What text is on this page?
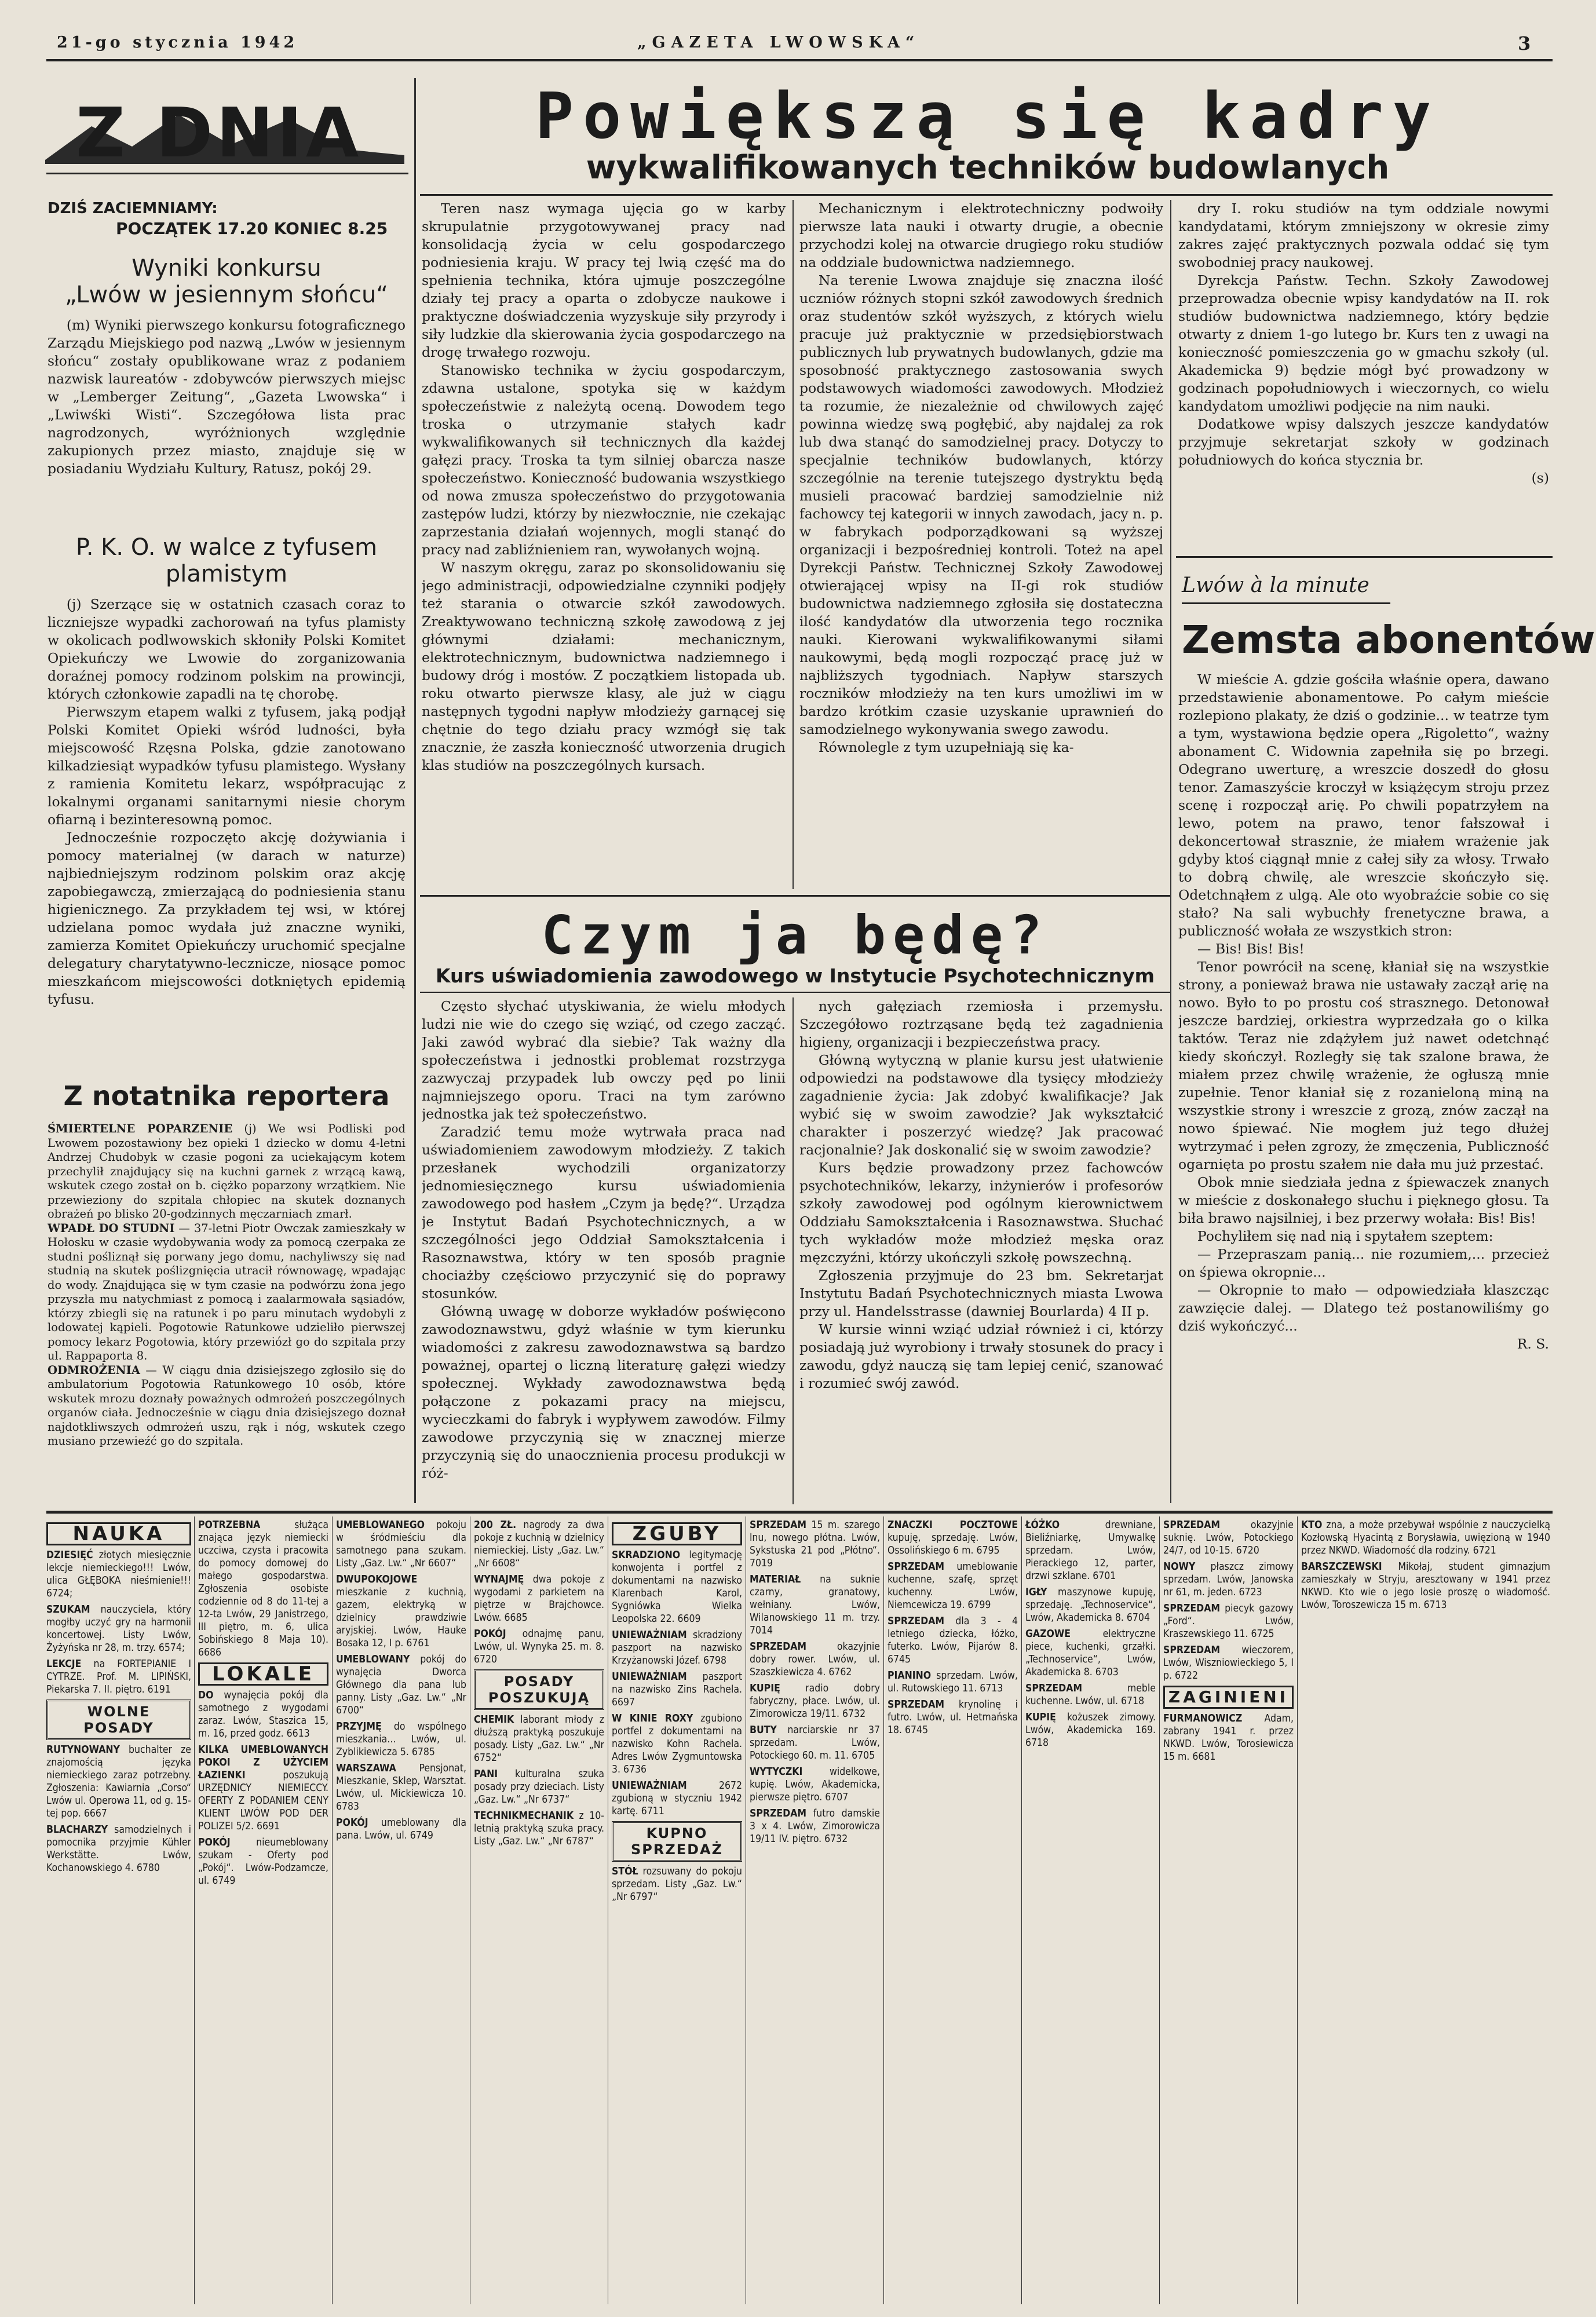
21-go stycznia 1942	„GAZETA LWOWSKA“	3
Z DNIA
DZIŚ ZACIEMNIAMY:
POCZĄTEK 17.20 KONIEC 8.25
Wyniki konkursu
„Lwów w jesiennym słońcu“

(m) Wyniki pierwszego konkursu fotograficznego Zarządu Miejskiego pod nazwą „Lwów w jesiennym słońcu“ zostały opublikowane wraz z podaniem nazwisk laureatów - zdobywców pierwszych miejsc w „Lemberger Zeitung“, „Gazeta Lwowska“ i „Lwiwśki Wisti“. Szczegółowa lista prac nagrodzonych, wyróżnionych względnie zakupionych przez miasto, znajduje się w posiadaniu Wydziału Kultury, Ratusz, pokój 29.

P. K. O. w walce z tyfusem
plamistym

(j) Szerzące się w ostatnich czasach coraz to liczniejsze wypadki zachorowań na tyfus plamisty w okolicach podlwowskich skłoniły Polski Komitet Opiekuńczy we Lwowie do zorganizowania doraźnej pomocy rodzinom polskim na prowincji, których członkowie zapadli na tę chorobę.

Pierwszym etapem walki z tyfusem, jaką podjął Polski Komitet Opieki wśród ludności, była miejscowość Rzęsna Polska, gdzie zanotowano kilkadziesiąt wypadków tyfusu plamistego. Wysłany z ramienia Komitetu lekarz, współpracując z lokalnymi organami sanitarnymi niesie chorym ofiarną i bezinteresowną pomoc.

Jednocześnie rozpoczęto akcję dożywiania i pomocy materialnej (w darach w naturze) najbiedniejszym rodzinom polskim oraz akcję zapobiegawczą, zmierzającą do podniesienia stanu higienicznego. Za przykładem tej wsi, w której udzielana pomoc wydała już znaczne wyniki, zamierza Komitet Opiekuńczy uruchomić specjalne delegatury charytatywno-lecznicze, niosące pomoc mieszkańcom miejscowości dotkniętych epidemią tyfusu.

Z notatnika reportera

ŚMIERTELNE POPARZENIE (j) We wsi Podliski pod Lwowem pozostawiony bez opieki 1 dziecko w domu 4-letni Andrzej Chudobyk w czasie pogoni za uciekającym kotem przechylił znajdujący się na kuchni garnek z wrzącą kawą, wskutek czego został on b. ciężko poparzony wrzątkiem. Nie przewieziony do szpitala chłopiec na skutek doznanych obrażeń po blisko 20-godzinnych męczarniach zmarł.

WPADŁ DO STUDNI — 37-letni Piotr Owczak zamieszkały w Hołosku w czasie wydobywania wody za pomocą czerpaka ze studni pośliznął się porwany jego domu, nachyliwszy się nad studnią na skutek poślizgnięcia utracił równowagę, wpadając do wody. Znajdująca się w tym czasie na podwórzu żona jego przyszła mu natychmiast z pomocą i zaalarmowała sąsiadów, którzy zbiegli się na ratunek i po paru minutach wydobyli z lodowatej kąpieli. Pogotowie Ratunkowe udzieliło pierwszej pomocy lekarz Pogotowia, który przewiózł go do szpitala przy ul. Rappaporta 8.

ODMROŻENIA — W ciągu dnia dzisiejszego zgłosiło się do ambulatorium Pogotowia Ratunkowego 10 osób, które wskutek mrozu doznały poważnych odmrożeń poszczególnych organów ciała. Jednocześnie w ciągu dnia dzisiejszego doznał najdotkliwszych odmrożeń uszu, rąk i nóg, wskutek czego musiano przewieźć go do szpitala.

Powiększą się kadry
wykwalifikowanych techników budowlanych

Teren nasz wymaga ujęcia go w karby skrupulatnie przygotowywanej pracy nad konsolidacją życia w celu gospodarczego podniesienia kraju. W pracy tej lwią część ma do spełnienia technika, która ujmuje poszczególne działy tej pracy a oparta o zdobycze naukowe i praktyczne doświadczenia wyzyskuje siły przyrody i siły ludzkie dla skierowania życia gospodarczego na drogę trwałego rozwoju.

Stanowisko technika w życiu gospodarczym, zdawna ustalone, spotyka się w każdym społeczeństwie z należytą oceną. Dowodem tego troska o utrzymanie stałych kadr wykwalifikowanych sił technicznych dla każdej gałęzi pracy. Troska ta tym silniej obarcza nasze społeczeństwo. Konieczność budowania wszystkiego od nowa zmusza społeczeństwo do przygotowania zastępów ludzi, którzy by niezwłocznie, nie czekając zaprzestania działań wojennych, mogli stanąć do pracy nad zabliźnieniem ran, wywołanych wojną.

W naszym okręgu, zaraz po skonsolidowaniu się jego administracji, odpowiedzialne czynniki podjęły też starania o otwarcie szkół zawodowych. Zreaktywowano techniczną szkołę zawodową z jej głównymi działami: mechanicznym, elektrotechnicznym, budownictwa nadziemnego i budowy dróg i mostów. Z początkiem listopada ub. roku otwarto pierwsze klasy, ale już w ciągu następnych tygodni napływ młodzieży garnącej się chętnie do tego działu pracy wzmógł się tak znacznie, że zaszła konieczność utworzenia drugich klas studiów na poszczególnych kursach.

Mechanicznym i elektrotechniczny podwoiły pierwsze lata nauki i otwarty drugie, a obecnie przychodzi kolej na otwarcie drugiego roku studiów na oddziale budownictwa nadziemnego.

Na terenie Lwowa znajduje się znaczna ilość uczniów różnych stopni szkół zawodowych średnich oraz studentów szkół wyższych, z których wielu pracuje już praktycznie w przedsiębiorstwach publicznych lub prywatnych budowlanych, gdzie ma sposobność praktycznego zastosowania swych podstawowych wiadomości zawodowych. Młodzież ta rozumie, że niezależnie od chwilowych zajęć powinna wiedzę swą pogłębić, aby najdalej za rok lub dwa stanąć do samodzielnej pracy. Dotyczy to specjalnie techników budowlanych, którzy szczególnie na terenie tutejszego dystryktu będą musieli pracować bardziej samodzielnie niż fachowcy tej kategorii w innych zawodach, jacy n. p. w fabrykach podporządkowani są wyższej organizacji i bezpośredniej kontroli. Toteż na apel Dyrekcji Państw. Technicznej Szkoły Zawodowej otwierającej wpisy na II-gi rok studiów budownictwa nadziemnego zgłosiła się dostateczna ilość kandydatów dla utworzenia tego rocznika nauki. Kierowani wykwalifikowanymi siłami naukowymi, będą mogli rozpocząć pracę już w najbliższych tygodniach. Napływ starszych roczników młodzieży na ten kurs umożliwi im w bardzo krótkim czasie uzyskanie uprawnień do samodzielnego wykonywania swego zawodu.

Równolegle z tym uzupełniają się ka-

dry I. roku studiów na tym oddziale nowymi kandydatami, którym zmniejszony w okresie zimy zakres zajęć praktycznych pozwala oddać się tym swobodniej pracy naukowej.

Dyrekcja Państw. Techn. Szkoły Zawodowej przeprowadza obecnie wpisy kandydatów na II. rok studiów budownictwa nadziemnego, który będzie otwarty z dniem 1-go lutego br. Kurs ten z uwagi na konieczność pomieszczenia go w gmachu szkoły (ul. Akademicka 9) będzie mógł być prowadzony w godzinach popołudniowych i wieczornych, co wielu kandydatom umożliwi podjęcie na nim nauki.

Dodatkowe wpisy dalszych jeszcze kandydatów przyjmuje sekretarjat szkoły w godzinach południowych do końca stycznia br.

(s)

Lwów à la minute
Zemsta abonentów

W mieście A. gdzie gościła właśnie opera, dawano przedstawienie abonamentowe. Po całym mieście rozlepiono plakaty, że dziś o godzinie... w teatrze tym a tym, wystawiona będzie opera „Rigoletto“, ważny abonament C. Widownia zapełniła się po brzegi. Odegrano uwerturę, a wreszcie doszedł do głosu tenor. Zamaszyście kroczył w książęcym stroju przez scenę i rozpoczął arię. Po chwili popatrzyłem na lewo, potem na prawo, tenor fałszował i dekoncertował strasznie, że miałem wrażenie jak gdyby ktoś ciągnął mnie z całej siły za włosy. Trwało to dobrą chwilę, ale wreszcie skończyło się. Odetchnąłem z ulgą. Ale oto wyobraźcie sobie co się stało? Na sali wybuchły frenetyczne brawa, a publiczność wołała ze wszystkich stron:

— Bis! Bis! Bis!

Tenor powrócił na scenę, kłaniał się na wszystkie strony, a ponieważ brawa nie ustawały zaczął arię na nowo. Było to po prostu coś strasznego. Detonował jeszcze bardziej, orkiestra wyprzedzała go o kilka taktów. Teraz nie zdążyłem już nawet odetchnąć kiedy skończył. Rozległy się tak szalone brawa, że miałem przez chwilę wrażenie, że ogłuszą mnie zupełnie. Tenor kłaniał się z rozanieloną miną na wszystkie strony i wreszcie z grozą, znów zaczął na nowo śpiewać. Nie mogłem już tego dłużej wytrzymać i pełen zgrozy, że zmęczenia, Publiczność ogarnięta po prostu szałem nie dała mu już przestać.

Obok mnie siedziała jedna z śpiewaczek znanych w mieście z doskonałego słuchu i pięknego głosu. Ta biła brawo najsilniej, i bez przerwy wołała: Bis! Bis!

Pochyliłem się nad nią i spytałem szeptem:

— Przepraszam panią... nie rozumiem,... przecież on śpiewa okropnie...

— Okropnie to mało — odpowiedziała klaszcząc zawzięcie dalej. — Dlatego też postanowiliśmy go dziś wykończyć...

R. S.

Czym ja będę?
Kurs uświadomienia zawodowego w Instytucie Psychotechnicznym

Często słychać utyskiwania, że wielu młodych ludzi nie wie do czego się wziąć, od czego zacząć. Jaki zawód wybrać dla siebie? Tak ważny dla społeczeństwa i jednostki problemat rozstrzyga zazwyczaj przypadek lub owczy pęd po linii najmniejszego oporu. Traci na tym zarówno jednostka jak też społeczeństwo.

Zaradzić temu może wytrwała praca nad uświadomieniem zawodowym młodzieży. Z takich przesłanek wychodzili organizatorzy jednomiesięcznego kursu uświadomienia zawodowego pod hasłem „Czym ja będę?“. Urządza je Instytut Badań Psychotechnicznych, a w szczególności jego Oddział Samokształcenia i Rasoznawstwa, który w ten sposób pragnie chociażby częściowo przyczynić się do poprawy stosunków.

Główną uwagę w doborze wykładów poświęcono zawodoznawstwu, gdyż właśnie w tym kierunku wiadomości z zakresu zawodoznawstwa są bardzo poważnej, opartej o liczną literaturę gałęzi wiedzy społecznej. Wykłady zawodoznawstwa będą połączone z pokazami pracy na miejscu, wycieczkami do fabryk i wypływem zawodów. Filmy zawodowe przyczynią się w znacznej mierze przyczynią się do unaocznienia procesu produkcji w róż-

nych gałęziach rzemiosła i przemysłu. Szczegółowo roztrząsane będą też zagadnienia higieny, organizacji i bezpieczeństwa pracy.

Główną wytyczną w planie kursu jest ułatwienie odpowiedzi na podstawowe dla tysięcy młodzieży zagadnienie życia: Jak zdobyć kwalifikacje? Jak wybić się w swoim zawodzie? Jak wykształcić charakter i poszerzyć wiedzę? Jak pracować racjonalnie? Jak doskonalić się w swoim zawodzie?

Kurs będzie prowadzony przez fachowców psychotechników, lekarzy, inżynierów i profesorów szkoły zawodowej pod ogólnym kierownictwem Oddziału Samokształcenia i Rasoznawstwa. Słuchać tych wykładów może młodzież męska oraz męzczyźni, którzy ukończyli szkołę powszechną.

Zgłoszenia przyjmuje do 23 bm. Sekretarjat Instytutu Badań Psychotechnicznych miasta Lwowa przy ul. Handelsstrasse (dawniej Bourlarda) 4 II p.

W kursie winni wziąć udział również i ci, którzy posiadają już wyrobiony i trwały stosunek do pracy i zawodu, gdyż nauczą się tam lepiej cenić, szanować i rozumieć swój zawód.

NAUKA

DZIESIĘĆ złotych miesięcznie lekcje niemieckiego!!! Lwów, ulica GŁĘBOKA nieśmienie!!! 6724;

SZUKAM nauczyciela, który mogłby uczyć gry na harmonii koncertowej. Listy Lwów, Żyżyńska nr 28, m. trzy. 6574;

LEKCJE na FORTEPIANIE I CYTRZE. Prof. M. LIPIŃSKI, Piekarska 7. II. piętro. 6191

WOLNE POSADY

RUTYNOWANY buchalter ze znajomością języka niemieckiego zaraz potrzebny. Zgłoszenia: Kawiarnia „Corso“ Lwów ul. Operowa 11, od g. 15-tej pop. 6667

BLACHARZY samodzielnych i pomocnika przyjmie Kühler Werkstätte. Lwów, Kochanowskiego 4. 6780

POTRZEBNA	służąca znająca język niemiecki uczciwa, czysta i pracowita do pomocy domowej do małego gospodarstwa. Zgłoszenia osobiste codziennie od 8 do 11-tej a 12-ta Lwów, 29 Janistrzego, III piętro, m. 6, ulica Sobińskiego 8 Maja 10). 6686

LOKALE

DO wynajęcia pokój dla samotnego z wygodami zaraz. Lwów, Staszica 15, m. 16, przed godz. 6613

KILKA UMEBLOWANYCH POKOI Z UŻYCIEM ŁAZIENKI	poszukują URZĘDNICY NIEMIECCY. OFERTY Z PODANIEM CENY KLIENT LWÓW POD DER POLIZEI 5/2. 6691

POKÓJ	nieumeblowany szukam - Oferty pod „Pokój“. Lwów-Podzamcze, ul. 6749

UMEBLOWANEGO pokoju w śródmieściu dla samotnego pana szukam. Listy „Gaz. Lw.“ „Nr 6607“

DWUPOKOJOWE mieszkanie z kuchnią, gazem, elektryką w dzielnicy prawdziwie aryjskiej. Lwów, Hauke Bosaka 12, I p. 6761

UMEBLOWANY pokój do wynajęcia Dworca Głównego dla pana lub panny. Listy „Gaz. Lw.“ „Nr 6700“

PRZYJMĘ do wspólnego mieszkania... Lwów, ul. Zyblikiewicza 5. 6785

WARSZAWA Pensjonat, Mieszkanie, Sklep, Warsztat. Lwów, ul. Mickiewicza 10. 6783

POKÓJ umeblowany dla pana. Lwów, ul. 6749

200 ZŁ. nagrody za dwa pokoje z kuchnią w dzielnicy niemieckiej. Listy „Gaz. Lw.“ „Nr 6608“

WYNAJMĘ dwa pokoje z wygodami z parkietem na piętrze w Brajchowce. Lwów. 6685

POKÓJ odnajmę panu, Lwów, ul. Wynyka 25. m. 8. 6720

POSADY POSZUKUJĄ

CHEMIK laborant młody z dłuższą praktyką poszukuje posady. Listy „Gaz. Lw.“ „Nr 6752“

PANI kulturalna szuka posady przy dzieciach. Listy „Gaz. Lw.“ „Nr 6737“

TECHNIKMECHANIK z 10-letnią praktyką szuka pracy. Listy „Gaz. Lw.“ „Nr 6787“

ZGUBY

SKRADZIONO legitymację konwojenta i portfel z dokumentami na nazwisko Klarenbach Karol, Sygniówka Wielka Leopolska 22. 6609

UNIEWAŻNIAM skradziony paszport na nazwisko Krzyżanowski Józef. 6798

UNIEWAŻNIAM paszport na nazwisko Zins Rachela. 6697

W KINIE ROXY zgubiono portfel z dokumentami na nazwisko Kohn Rachela. Adres Lwów Zygmuntowska 3. 6736

UNIEWAŻNIAM	2672 zgubioną w styczniu 1942 kartę. 6711

KUPNO SPRZEDAŻ

STÓŁ rozsuwany do pokoju sprzedam. Listy „Gaz. Lw.“ „Nr 6797“

SPRZEDAM 15 m. szarego lnu, nowego płótna. Lwów, Sykstuska 21 pod „Płótno“. 7019

MATERIAŁ na suknie czarny, granatowy, wełniany. Lwów, Wilanowskiego 11 m. trzy. 7014

SPRZEDAM	okazyjnie dobry rower. Lwów, ul. Szaszkiewicza 4. 6762

KUPIĘ radio dobry fabryczny, płace. Lwów, ul. Zimorowicza 19/11. 6732

BUTY narciarskie nr 37 sprzedam. Lwów, Potockiego 60. m. 11. 6705

WYTYCZKI	widelkowe, kupię. Lwów, Akademicka, pierwsze piętro. 6707

SPRZEDAM futro damskie 3 x 4. Lwów, Zimorowicza 19/11 IV. piętro. 6732

ZNACZKI POCZTOWE kupuję, sprzedaję. Lwów, Ossolińskiego 6 m. 6795

SPRZEDAM umeblowanie kuchenne, szafę, sprzęt kuchenny. Lwów, Niemcewicza 19. 6799

SPRZEDAM dla 3 - 4 letniego dziecka, łóżko, futerko. Lwów, Pijarów 8. 6745

PIANINO sprzedam. Lwów, ul. Rutowskiego 11. 6713

SPRZEDAM krynolinę i futro. Lwów, ul. Hetmańska 18. 6745

ŁÓŻKO	drewniane, Bieliźniarkę, Umywalkę sprzedam. Lwów, Pierackiego 12, parter, drzwi szklane. 6701

IGŁY maszynowe kupuję, sprzedaję. „Technoservice“, Lwów, Akademicka 8. 6704

GAZOWE	elektryczne piece, kuchenki, grzałki. „Technoservice“, Lwów, Akademicka 8. 6703

SPRZEDAM	meble kuchenne. Lwów, ul. 6718

KUPIĘ kożuszek zimowy. Lwów, Akademicka 169. 6718

SPRZEDAM	okazyjnie suknię. Lwów, Potockiego 24/7, od 10-15. 6720

NOWY płaszcz zimowy sprzedam. Lwów, Janowska nr 61, m. jeden. 6723

SPRZEDAM piecyk gazowy „Ford“. Lwów, Kraszewskiego 11. 6725

SPRZEDAM wieczorem, Lwów, Wiszniowieckiego 5, I p. 6722

ZAGINIENI

FURMANOWICZ Adam, zabrany 1941 r. przez NKWD. Lwów, Torosiewicza 15 m. 6681

KTO zna, a może przebywał wspólnie z nauczycielką Kozłowską Hyacintą z Borysławia, uwięzioną w 1940 przez NKWD. Wiadomość dla rodziny. 6721

BARSZCZEWSKI Mikołaj, student gimnazjum zamieszkały w Stryju, aresztowany w 1941 przez NKWD. Kto wie o jego losie proszę o wiadomość. Lwów, Toroszewicza 15 m. 6713
